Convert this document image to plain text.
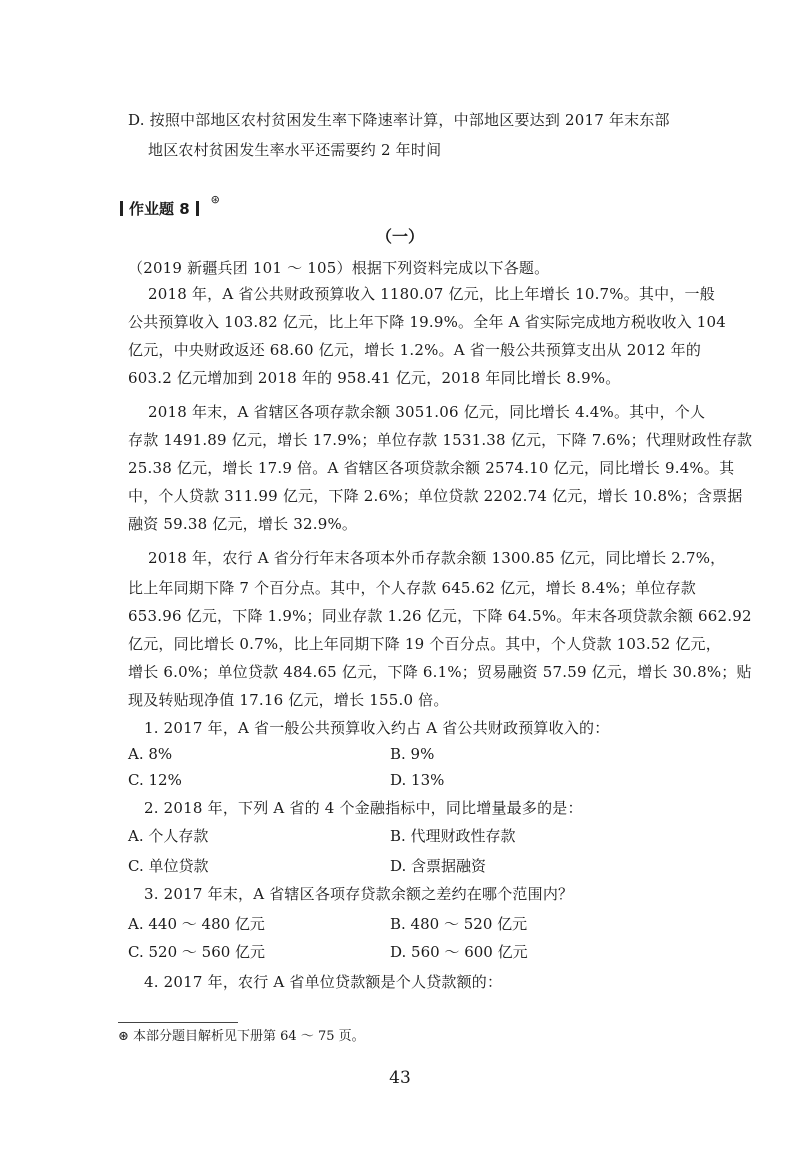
D. 按照中部地区农村贫困发生率下降速率计算，中部地区要达到 2017 年末东部
地区农村贫困发生率水平还需要约 2 年时间
作业题 8
⊛
（一）
（2019 新疆兵团 101 ～ 105）根据下列资料完成以下各题。
2018 年，A 省公共财政预算收入 1180.07 亿元，比上年增长 10.7%。其中，一般
公共预算收入 103.82 亿元，比上年下降 19.9%。全年 A 省实际完成地方税收收入 104
亿元，中央财政返还 68.60 亿元，增长 1.2%。A 省一般公共预算支出从 2012 年的
603.2 亿元增加到 2018 年的 958.41 亿元，2018 年同比增长 8.9%。
2018 年末，A 省辖区各项存款余额 3051.06 亿元，同比增长 4.4%。其中，个人
存款 1491.89 亿元，增长 17.9%；单位存款 1531.38 亿元，下降 7.6%；代理财政性存款
25.38 亿元，增长 17.9 倍。A 省辖区各项贷款余额 2574.10 亿元，同比增长 9.4%。其
中，个人贷款 311.99 亿元，下降 2.6%；单位贷款 2202.74 亿元，增长 10.8%；含票据
融资 59.38 亿元，增长 32.9%。
2018 年，农行 A 省分行年末各项本外币存款余额 1300.85 亿元，同比增长 2.7%，
比上年同期下降 7 个百分点。其中，个人存款 645.62 亿元，增长 8.4%；单位存款
653.96 亿元，下降 1.9%；同业存款 1.26 亿元，下降 64.5%。年末各项贷款余额 662.92
亿元，同比增长 0.7%，比上年同期下降 19 个百分点。其中，个人贷款 103.52 亿元，
增长 6.0%；单位贷款 484.65 亿元，下降 6.1%；贸易融资 57.59 亿元，增长 30.8%；贴
现及转贴现净值 17.16 亿元，增长 155.0 倍。
1. 2017 年，A 省一般公共预算收入约占 A 省公共财政预算收入的：
A. 8%	B. 9%
C. 12%	D. 13%
2. 2018 年，下列 A 省的 4 个金融指标中，同比增量最多的是：
A. 个人存款	B. 代理财政性存款
C. 单位贷款	D. 含票据融资
3. 2017 年末，A 省辖区各项存贷款余额之差约在哪个范围内？
A. 440 ～ 480 亿元	B. 480 ～ 520 亿元
⊛ 本部分题目解析见下册第 64 ～ 75 页。
43
C. 520 ～ 560 亿元	D. 560 ～ 600 亿元
4. 2017 年，农行 A 省单位贷款额是个人贷款额的：
